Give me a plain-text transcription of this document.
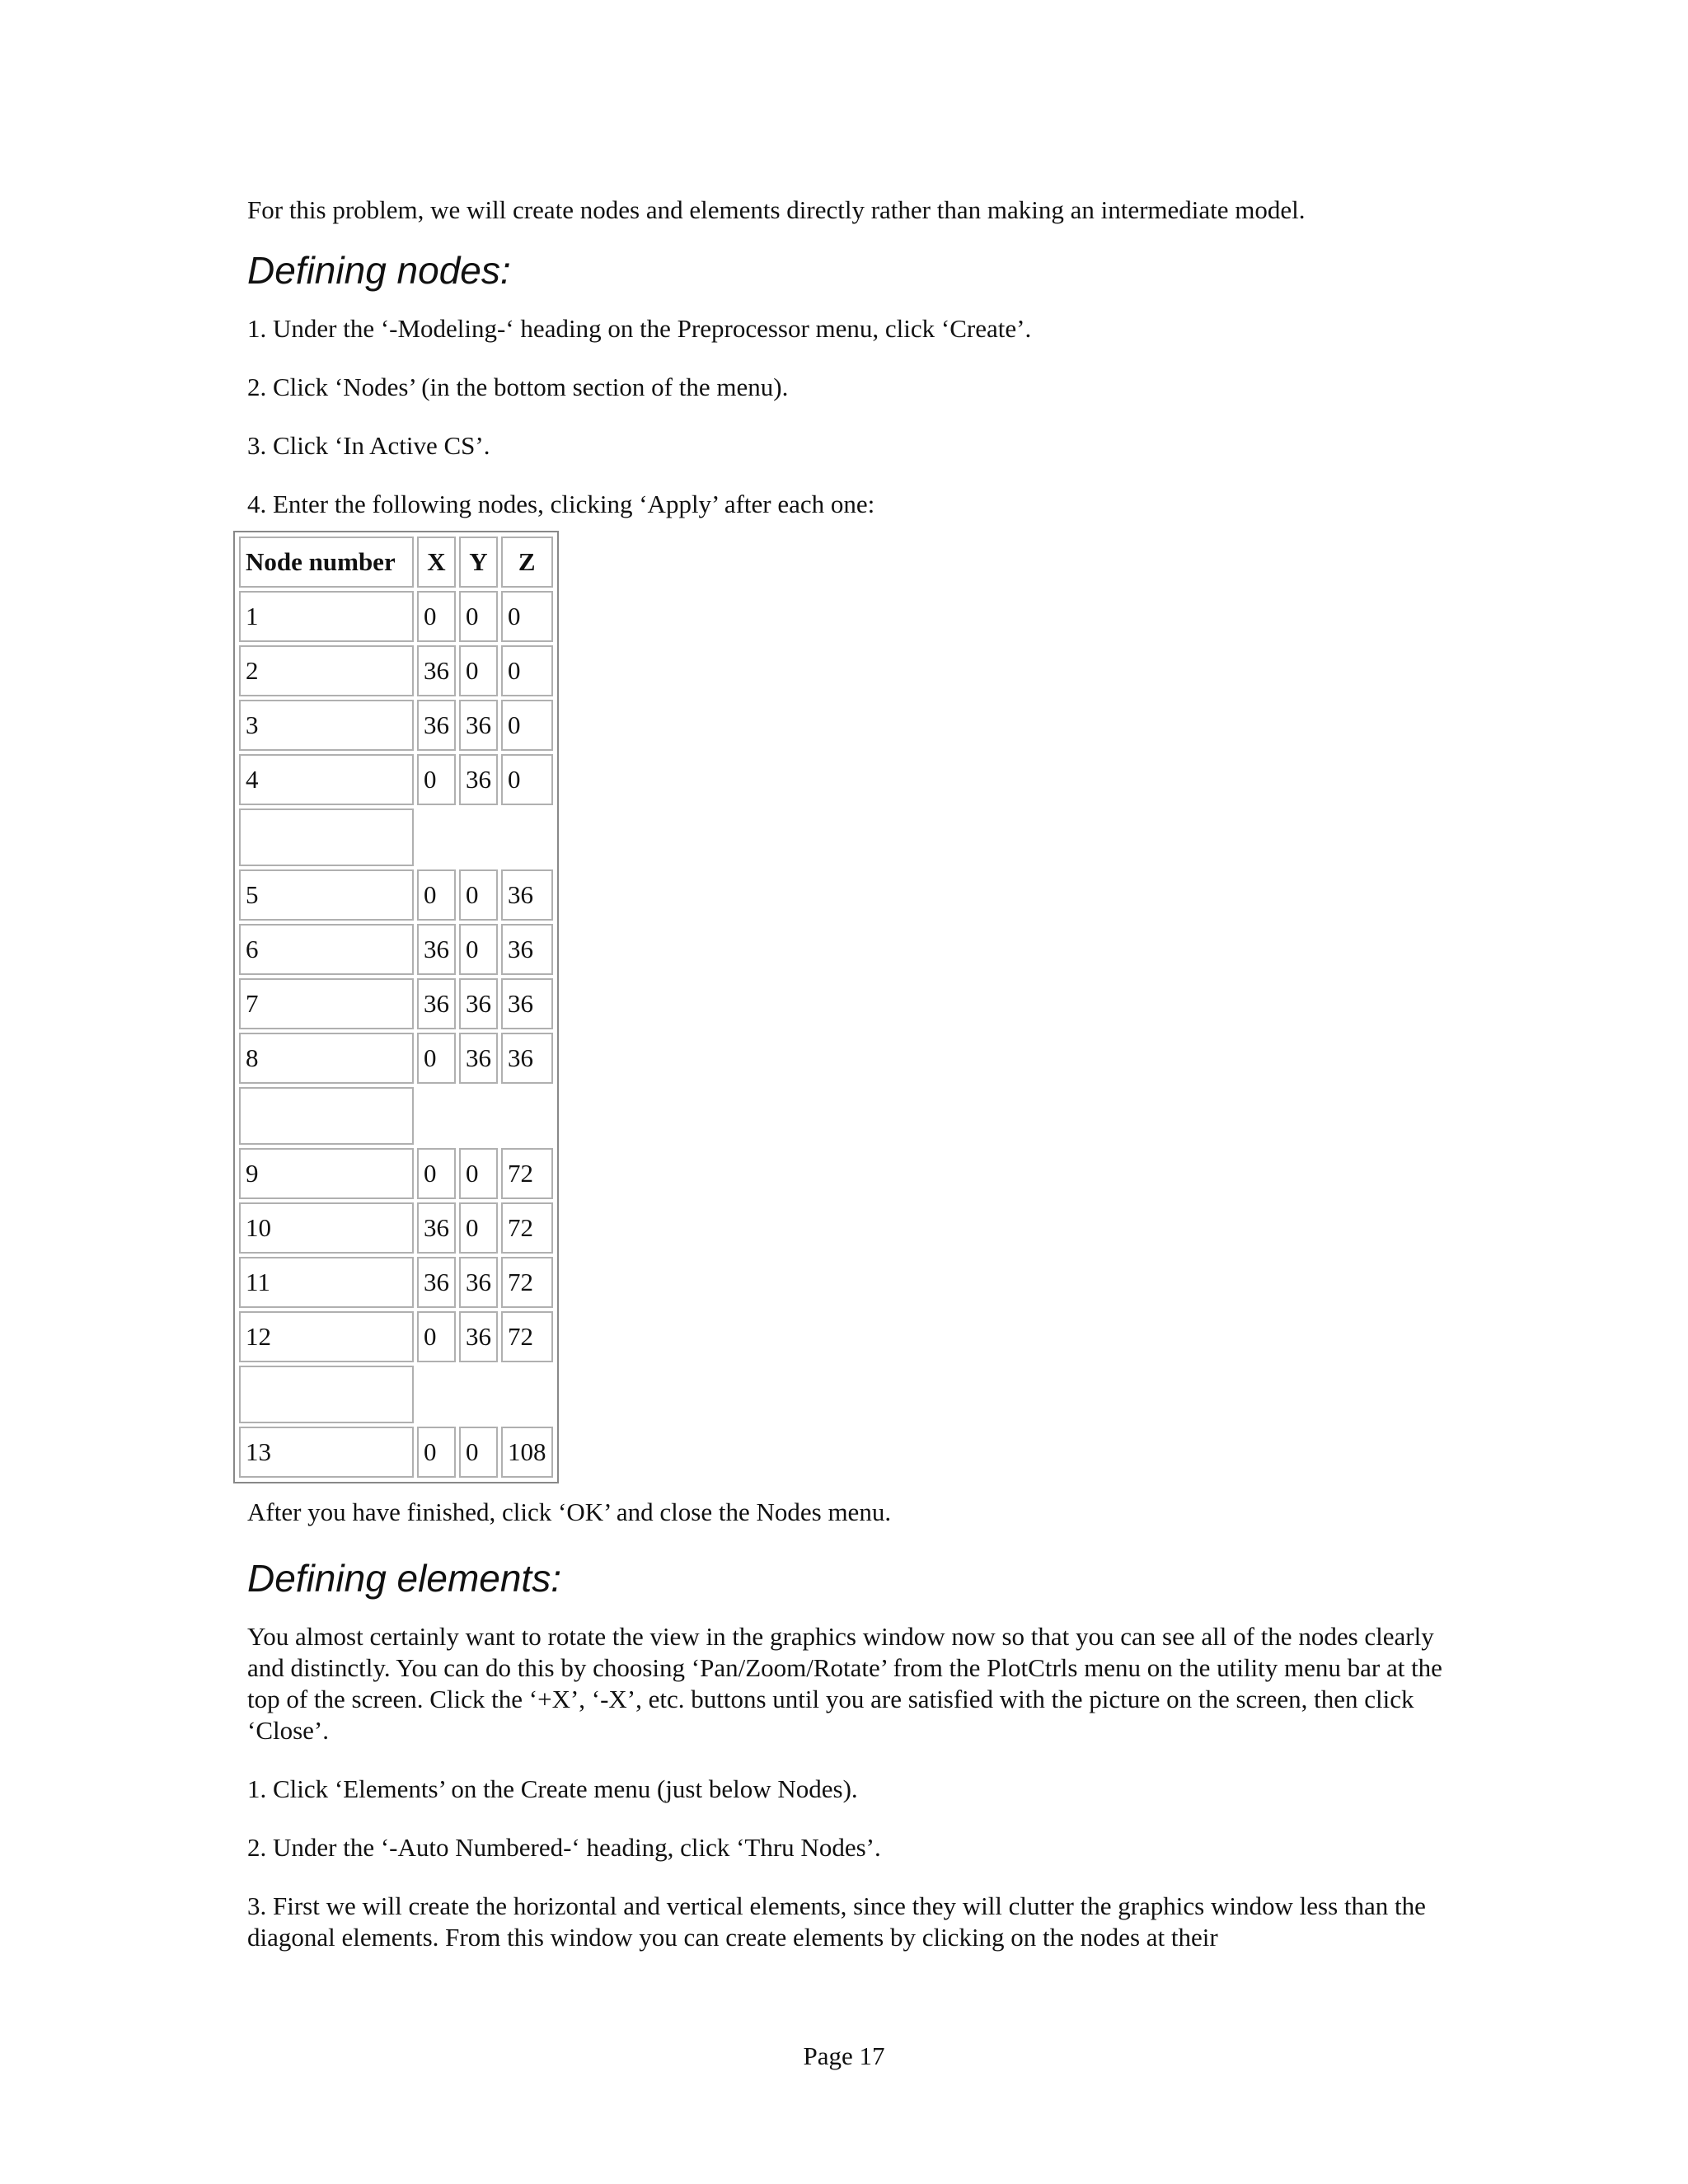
For this problem, we will create nodes and elements directly rather than making an intermediate model.

Defining nodes:

1. Under the ‘-Modeling-‘ heading on the Preprocessor menu, click ‘Create’.

2. Click ‘Nodes’ (in the bottom section of the menu).

3. Click ‘In Active CS’.

4. Enter the following nodes, clicking ‘Apply’ after each one:

Node number	X	Y	Z
1	0	0	0
2	36	0	0
3	36	36	0
4	0	36	0

5	0	0	36
6	36	0	36
7	36	36	36
8	0	36	36

9	0	0	72
10	36	0	72
11	36	36	72
12	0	36	72

13	0	0	108

After you have finished, click ‘OK’ and close the Nodes menu.

Defining elements:

You almost certainly want to rotate the view in the graphics window now so that you can see all of the nodes clearly and distinctly. You can do this by choosing ‘Pan/Zoom/Rotate’ from the PlotCtrls menu on the utility menu bar at the top of the screen. Click the ‘+X’, ‘-X’, etc. buttons until you are satisfied with the picture on the screen, then click ‘Close’.

1. Click ‘Elements’ on the Create menu (just below Nodes).

2. Under the ‘-Auto Numbered-‘ heading, click ‘Thru Nodes’.

3. First we will create the horizontal and vertical elements, since they will clutter the graphics window less than the diagonal elements. From this window you can create elements by clicking on the nodes at their

Page 17
